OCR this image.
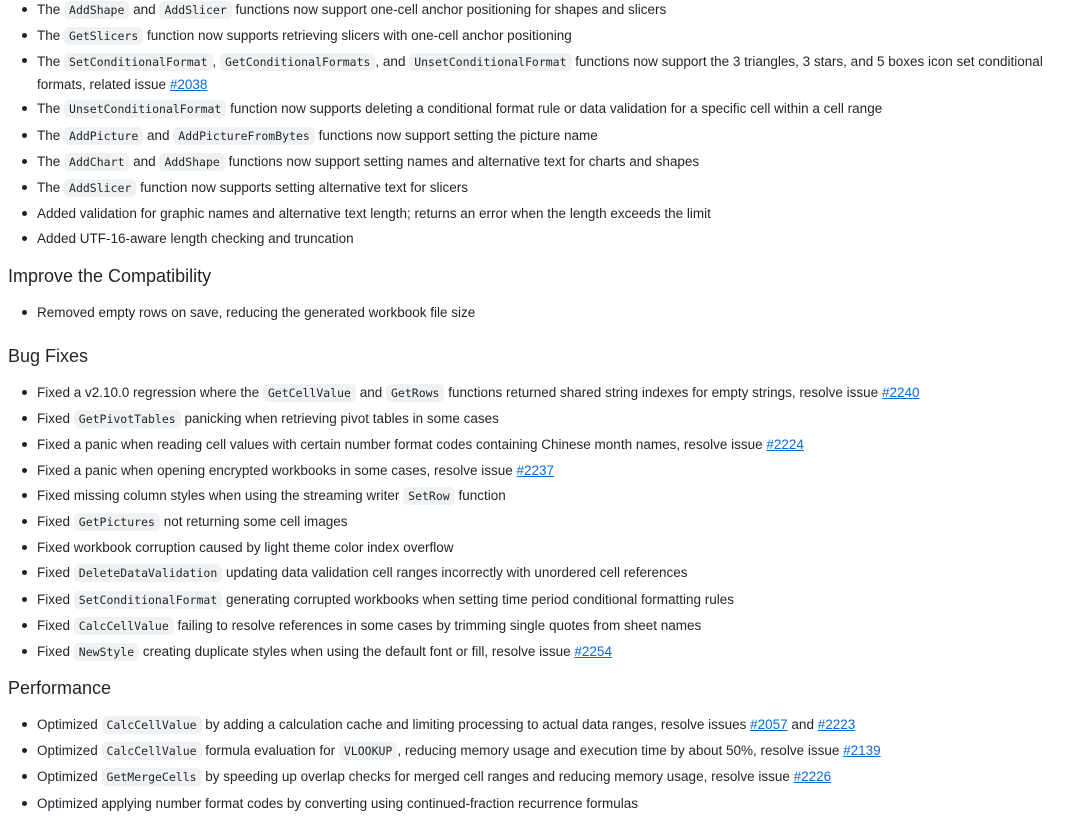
The AddShape and AddSlicer functions now support one-cell anchor positioning for shapes and slicers
The GetSlicers function now supports retrieving slicers with one-cell anchor positioning
The SetConditionalFormat , GetConditionalFormats , and UnsetConditionalFormat functions now support the 3 triangles, 3 stars, and 5 boxes icon set conditional formats, related issue #2038
The UnsetConditionalFormat function now supports deleting a conditional format rule or data validation for a specific cell within a cell range
The AddPicture and AddPictureFromBytes functions now support setting the picture name
The AddChart and AddShape functions now support setting names and alternative text for charts and shapes
The AddSlicer function now supports setting alternative text for slicers
Added validation for graphic names and alternative text length; returns an error when the length exceeds the limit
Added UTF-16-aware length checking and truncation
Improve the Compatibility
Removed empty rows on save, reducing the generated workbook file size
Bug Fixes
Fixed a v2.10.0 regression where the GetCellValue and GetRows functions returned shared string indexes for empty strings, resolve issue #2240
Fixed GetPivotTables panicking when retrieving pivot tables in some cases
Fixed a panic when reading cell values with certain number format codes containing Chinese month names, resolve issue #2224
Fixed a panic when opening encrypted workbooks in some cases, resolve issue #2237
Fixed missing column styles when using the streaming writer SetRow function
Fixed GetPictures not returning some cell images
Fixed workbook corruption caused by light theme color index overflow
Fixed DeleteDataValidation updating data validation cell ranges incorrectly with unordered cell references
Fixed SetConditionalFormat generating corrupted workbooks when setting time period conditional formatting rules
Fixed CalcCellValue failing to resolve references in some cases by trimming single quotes from sheet names
Fixed NewStyle creating duplicate styles when using the default font or fill, resolve issue #2254
Performance
Optimized CalcCellValue by adding a calculation cache and limiting processing to actual data ranges, resolve issues #2057 and #2223
Optimized CalcCellValue formula evaluation for VLOOKUP , reducing memory usage and execution time by about 50%, resolve issue #2139
Optimized GetMergeCells by speeding up overlap checks for merged cell ranges and reducing memory usage, resolve issue #2226
Optimized applying number format codes by converting using continued-fraction recurrence formulas
